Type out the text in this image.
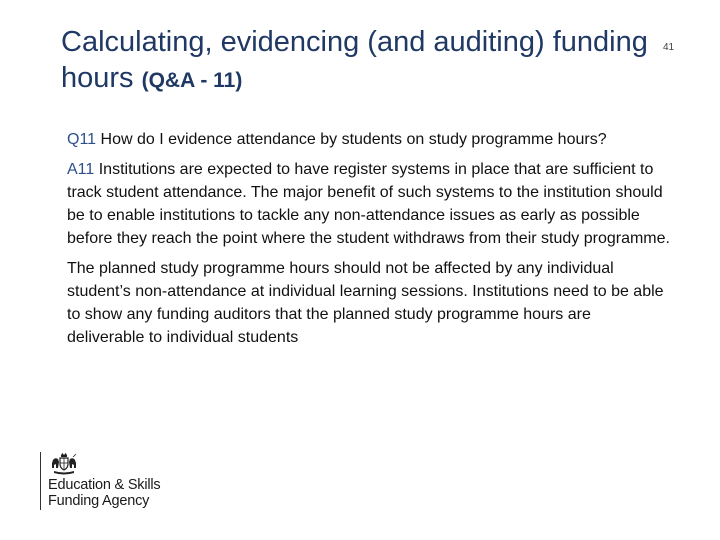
Calculating, evidencing (and auditing) funding hours (Q&A - 11)
41

Q11 How do I evidence attendance by students on study programme hours?

A11 Institutions are expected to have register systems in place that are sufficient to track student attendance. The major benefit of such systems to the institution should be to enable institutions to tackle any non-attendance issues as early as possible before they reach the point where the student withdraws from their study programme.

The planned study programme hours should not be affected by any individual student’s non-attendance at individual learning sessions. Institutions need to be able to show any funding auditors that the planned study programme hours are deliverable to individual students

Education & Skills
Funding Agency
